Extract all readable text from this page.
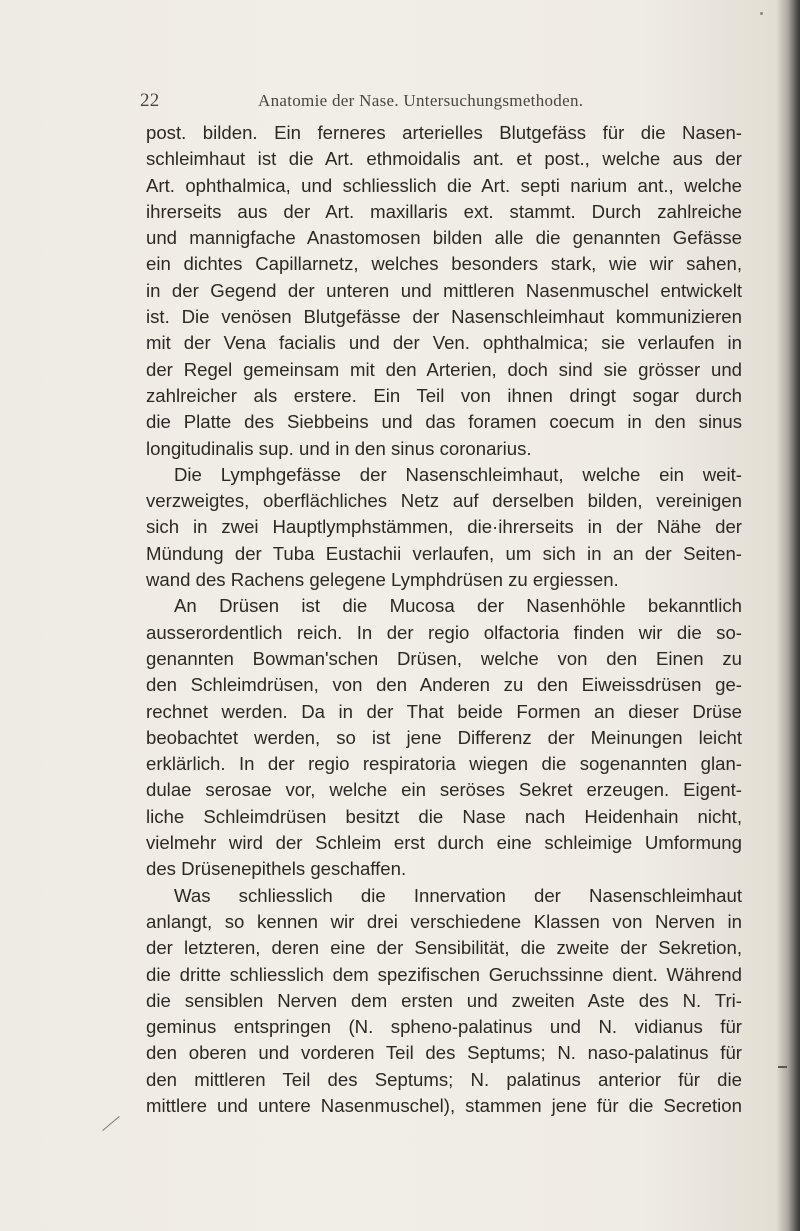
22	Anatomie der Nase. Untersuchungsmethoden.
post. bilden. Ein ferneres arterielles Blutgefäss für die Nasen-
schleimhaut ist die Art. ethmoidalis ant. et post., welche aus der
Art. ophthalmica, und schliesslich die Art. septi narium ant., welche
ihrerseits aus der Art. maxillaris ext. stammt. Durch zahlreiche
und mannigfache Anastomosen bilden alle die genannten Gefässe
ein dichtes Capillarnetz, welches besonders stark, wie wir sahen,
in der Gegend der unteren und mittleren Nasenmuschel entwickelt
ist. Die venösen Blutgefässe der Nasenschleimhaut kommunizieren
mit der Vena facialis und der Ven. ophthalmica; sie verlaufen in
der Regel gemeinsam mit den Arterien, doch sind sie grösser und
zahlreicher als erstere. Ein Teil von ihnen dringt sogar durch
die Platte des Siebbeins und das foramen coecum in den sinus
longitudinalis sup. und in den sinus coronarius.
Die Lymphgefässe der Nasenschleimhaut, welche ein weit-
verzweigtes, oberflächliches Netz auf derselben bilden, vereinigen
sich in zwei Hauptlymphstämmen, die·ihrerseits in der Nähe der
Mündung der Tuba Eustachii verlaufen, um sich in an der Seiten-
wand des Rachens gelegene Lymphdrüsen zu ergiessen.
An Drüsen ist die Mucosa der Nasenhöhle bekanntlich
ausserordentlich reich. In der regio olfactoria finden wir die so-
genannten Bowman'schen Drüsen, welche von den Einen zu
den Schleimdrüsen, von den Anderen zu den Eiweissdrüsen ge-
rechnet werden. Da in der That beide Formen an dieser Drüse
beobachtet werden, so ist jene Differenz der Meinungen leicht
erklärlich. In der regio respiratoria wiegen die sogenannten glan-
dulae serosae vor, welche ein seröses Sekret erzeugen. Eigent-
liche Schleimdrüsen besitzt die Nase nach Heidenhain nicht,
vielmehr wird der Schleim erst durch eine schleimige Umformung
des Drüsenepithels geschaffen.
Was schliesslich die Innervation der Nasenschleimhaut
anlangt, so kennen wir drei verschiedene Klassen von Nerven in
der letzteren, deren eine der Sensibilität, die zweite der Sekretion,
die dritte schliesslich dem spezifischen Geruchssinne dient. Während
die sensiblen Nerven dem ersten und zweiten Aste des N. Tri-
geminus entspringen (N. spheno-palatinus und N. vidianus für
den oberen und vorderen Teil des Septums; N. naso-palatinus für
den mittleren Teil des Septums; N. palatinus anterior für die
mittlere und untere Nasenmuschel), stammen jene für die Secretion
